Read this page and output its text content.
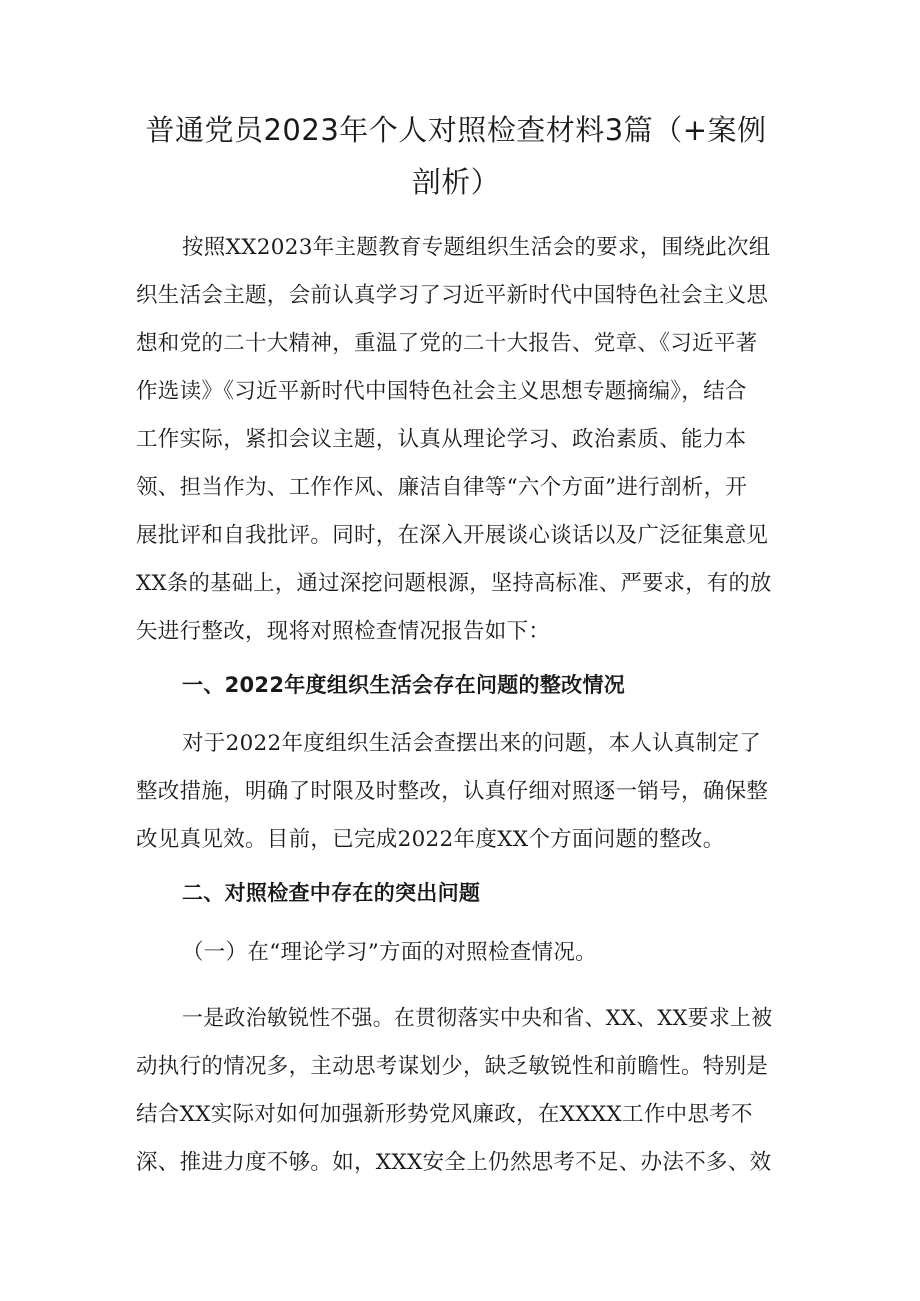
普通党员2023年个人对照检查材料3篇（+案例剖析）
按照XX2023年主题教育专题组织生活会的要求，围绕此次组
织生活会主题，会前认真学习了习近平新时代中国特色社会主义思
想和党的二十大精神，重温了党的二十大报告、党章、《习近平著
作选读》《习近平新时代中国特色社会主义思想专题摘编》，结合
工作实际，紧扣会议主题，认真从理论学习、政治素质、能力本
领、担当作为、工作作风、廉洁自律等“六个方面”进行剖析，开
展批评和自我批评。同时，在深入开展谈心谈话以及广泛征集意见
XX条的基础上，通过深挖问题根源，坚持高标准、严要求，有的放
矢进行整改，现将对照检查情况报告如下：
一、2022年度组织生活会存在问题的整改情况
对于2022年度组织生活会查摆出来的问题，本人认真制定了
整改措施，明确了时限及时整改，认真仔细对照逐一销号，确保整
改见真见效。目前，已完成2022年度XX个方面问题的整改。
二、对照检查中存在的突出问题
（一）在“理论学习”方面的对照检查情况。
一是政治敏锐性不强。在贯彻落实中央和省、XX、XX要求上被
动执行的情况多，主动思考谋划少，缺乏敏锐性和前瞻性。特别是
结合XX实际对如何加强新形势党风廉政，在XXXX工作中思考不
深、推进力度不够。如，XXX安全上仍然思考不足、办法不多、效
